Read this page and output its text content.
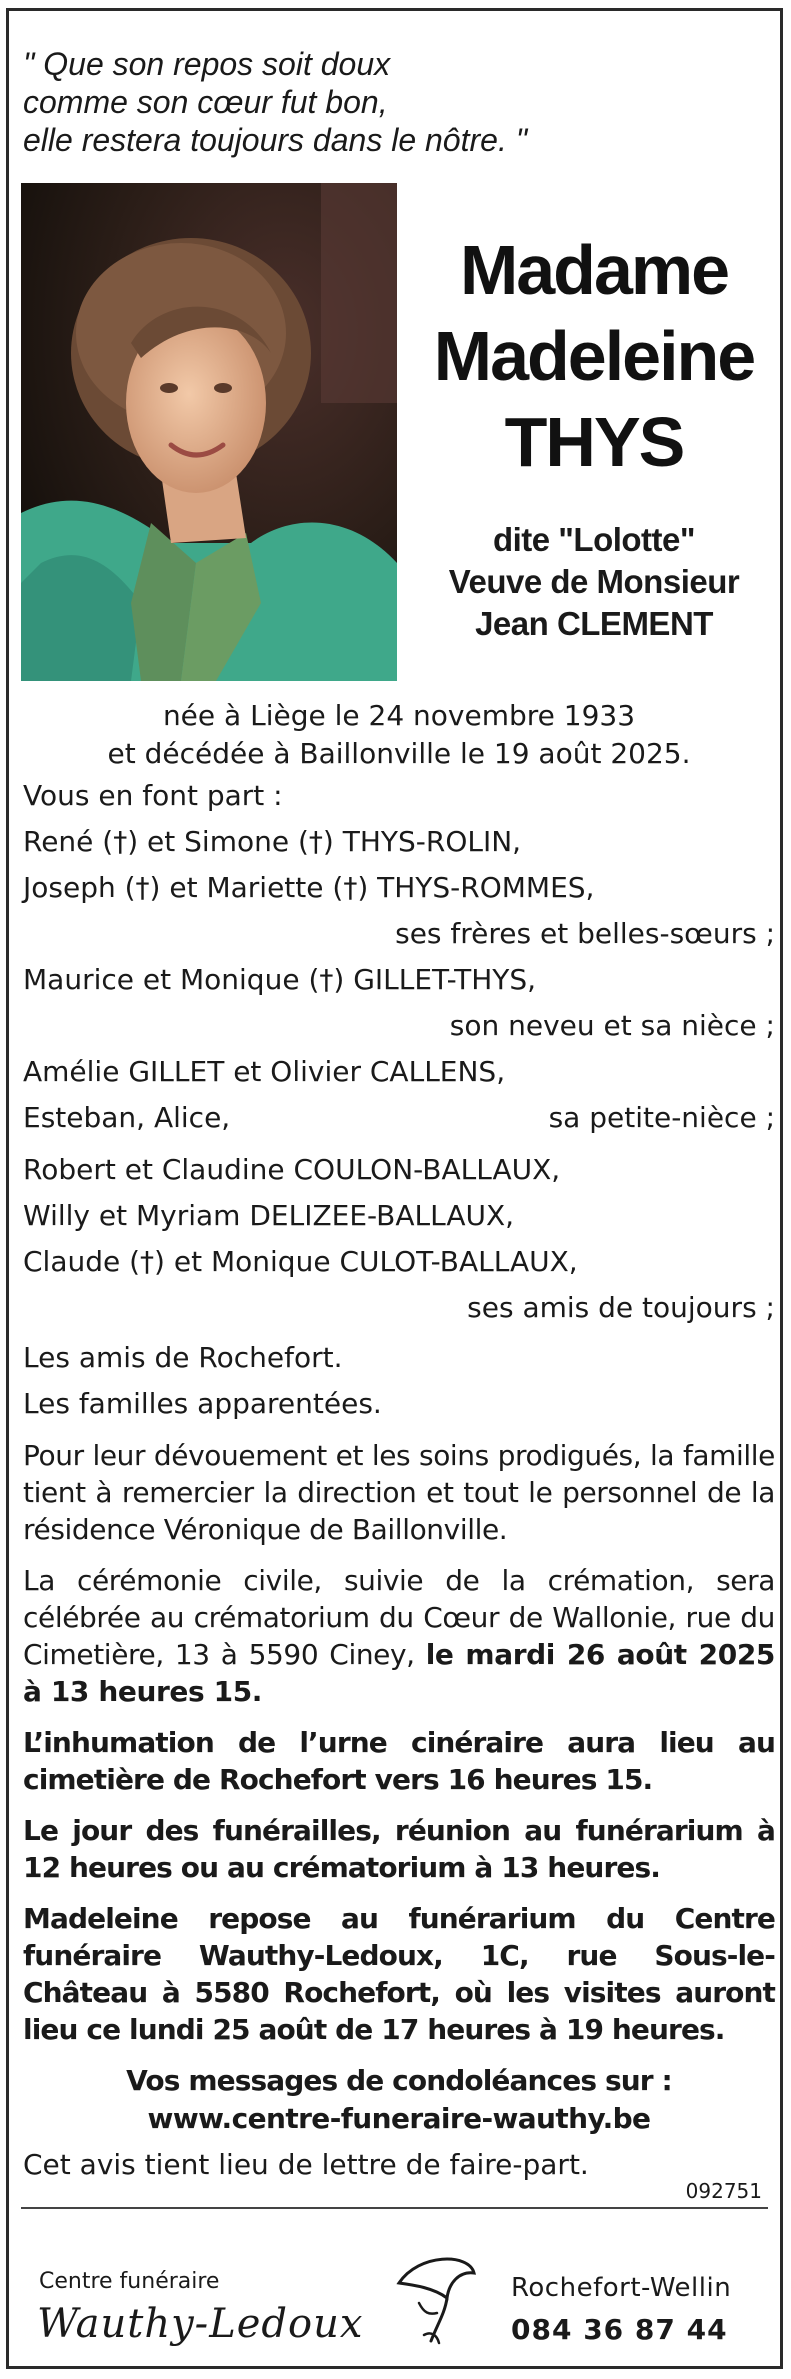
" Que son repos soit doux
comme son cœur fut bon,
elle restera toujours dans le nôtre. "
Madame
Madeleine
THYS
dite "Lolotte"
Veuve de Monsieur
Jean CLEMENT
née à Liège le 24 novembre 1933
et décédée à Baillonville le 19 août 2025.
Vous en font part :
René (†) et Simone (†) THYS-ROLIN,
Joseph (†) et Mariette (†) THYS-ROMMES,
ses frères et belles-sœurs ;
Maurice et Monique (†) GILLET-THYS,
son neveu et sa nièce ;
Amélie GILLET et Olivier CALLENS,
Esteban, Alice,	sa petite-nièce ;
Robert et Claudine COULON-BALLAUX,
Willy et Myriam DELIZEE-BALLAUX,
Claude (†) et Monique CULOT-BALLAUX,
ses amis de toujours ;
Les amis de Rochefort.
Les familles apparentées.
Pour leur dévouement et les soins prodigués, la famille tient à remercier la direction et tout le personnel de la résidence Véronique de Baillonville.
La cérémonie civile, suivie de la crémation, sera célébrée au crématorium du Cœur de Wallonie, rue du Cimetière, 13 à 5590 Ciney, le mardi 26 août 2025 à 13 heures 15.
L’inhumation de l’urne cinéraire aura lieu au cimetière de Rochefort vers 16 heures 15.
Le jour des funérailles, réunion au funérarium à 12 heures ou au crématorium à 13 heures.
Madeleine repose au funérarium du Centre funéraire Wauthy-Ledoux, 1C, rue Sous-le-Château à 5580 Rochefort, où les visites auront lieu ce lundi 25 août de 17 heures à 19 heures.
Vos messages de condoléances sur :
www.centre-funeraire-wauthy.be
Cet avis tient lieu de lettre de faire-part.
092751
Centre funéraire
Wauthy-Ledoux
Rochefort-Wellin
084 36 87 44
